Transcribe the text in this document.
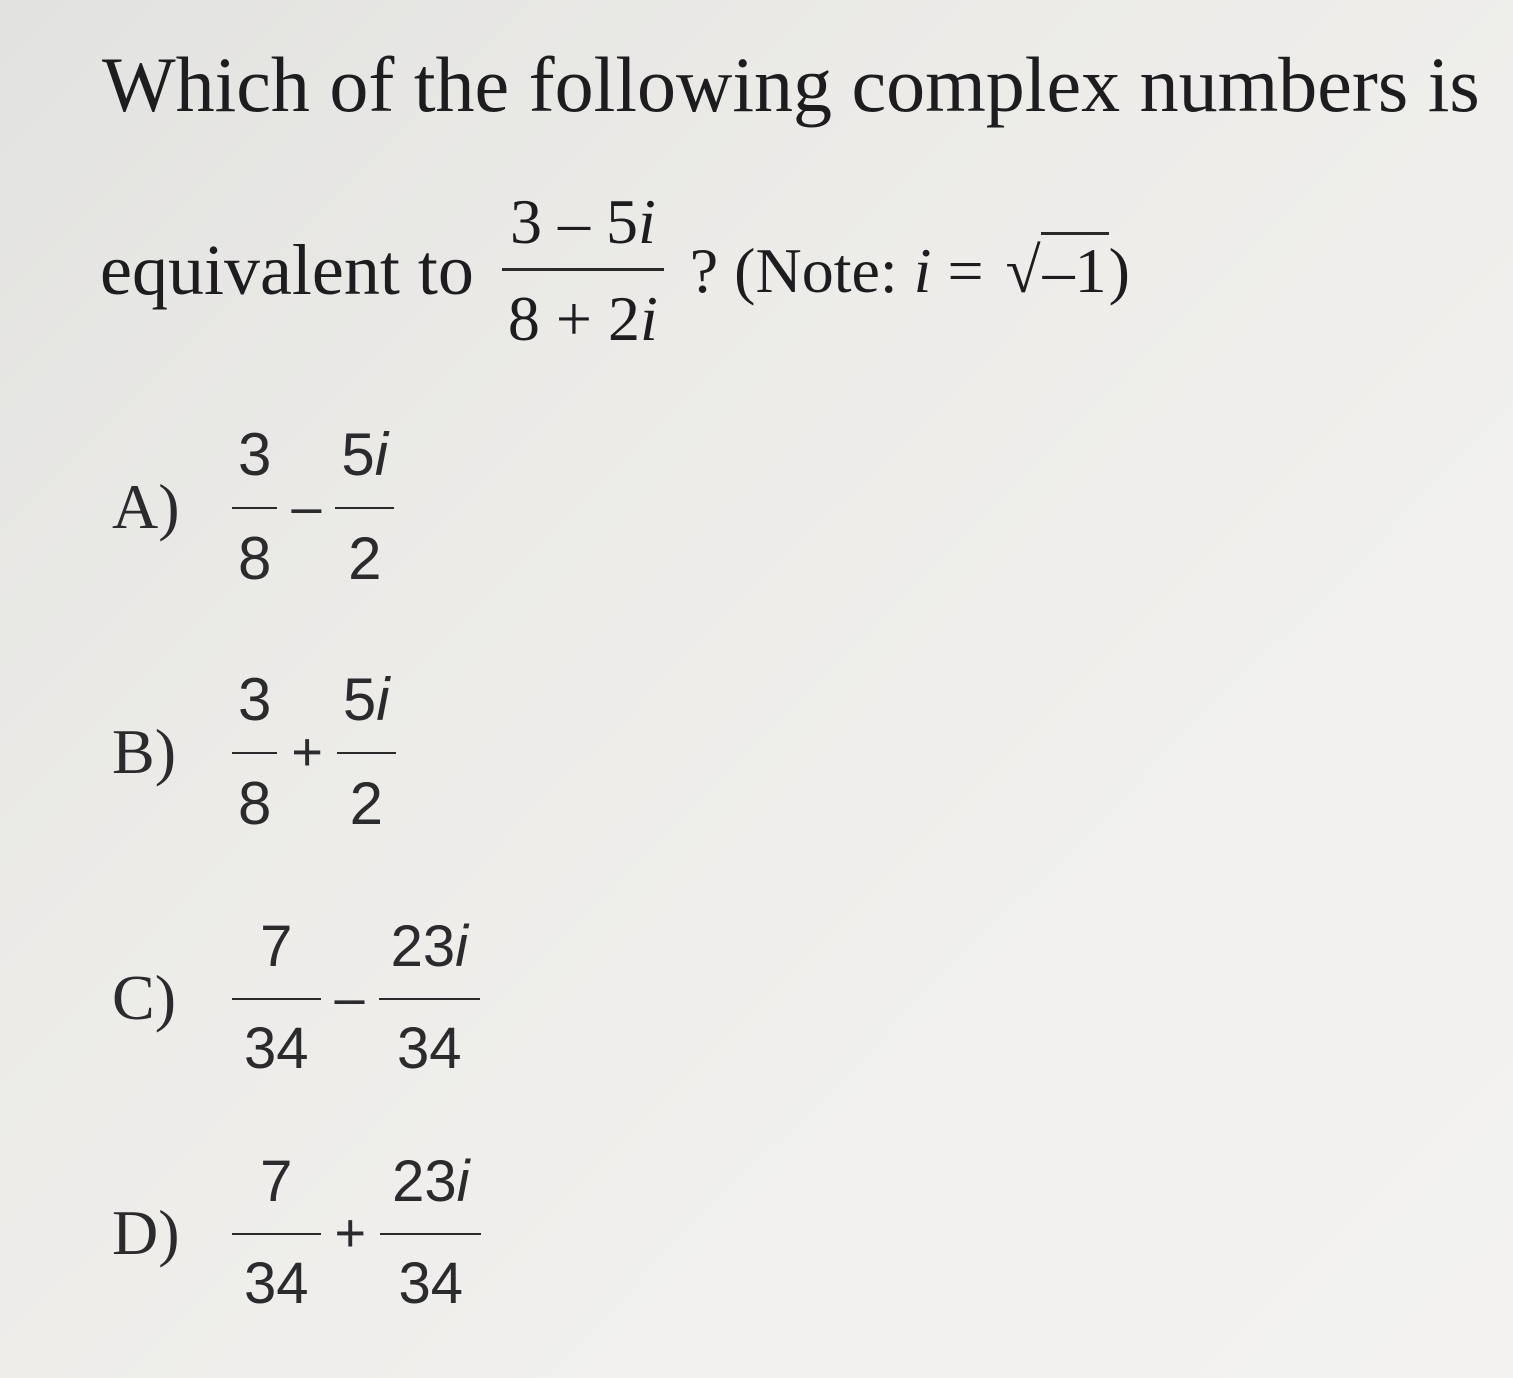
Which of the following complex numbers is
equivalent to $\frac{3 - 5i}{8 + 2i}$ ? (Note: i = √ –1 )
$A) \frac{3}{8} - \frac{5i}{2}$
$B) \frac{3}{8} + \frac{5i}{2}$
$C) \frac{7}{34} - \frac{23i}{34}$
$D) \frac{7}{34} + \frac{23i}{34}$
